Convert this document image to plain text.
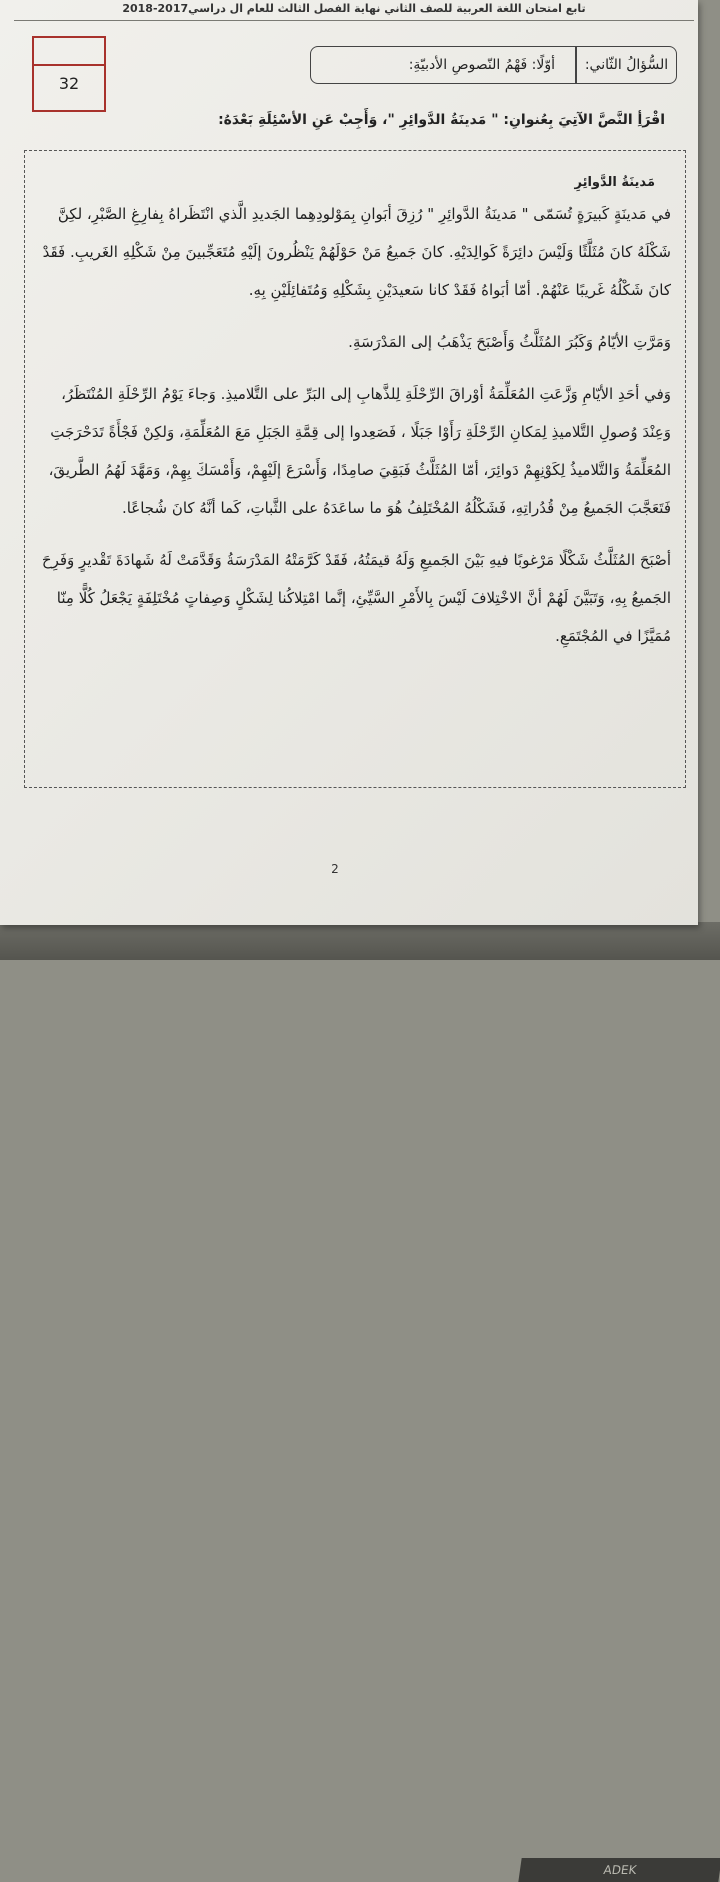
ADEK
تابع امتحان اللغة العربية للصف الثاني نهاية الفصل الثالث للعام ال دراسي2017-2018
32
السُّؤالُ الثّاني:
أوّلًا: فَهْمُ النّصوصِ الأدبيّةِ:
اقْرَأِ النَّصَّ الآتِيَ بِعُنوانِ: " مَدينَةُ الدَّوائِرِ "، وَأَجِبْ عَنِ الأسْئِلَةِ بَعْدَهُ:
مَدينَةُ الدَّوائِرِ

في مَدينَةٍ كَبيرَةٍ تُسَمّى " مَدينَةُ الدَّوائِرِ " رُزِقَ أبَوانِ بِمَوْلودِهِما الجَديدِ الَّذي انْتَظَراهُ بِفارِغِ الصَّبْرِ، لكِنَّ شَكْلَهُ كانَ مُثَلَّثًا وَلَيْسَ دائِرَةً كَوالِدَيْهِ. كانَ جَميعُ مَنْ حَوْلَهُمْ يَنْظُرونَ إلَيْهِ مُتَعَجِّبينَ مِنْ شَكْلِهِ الغَريبِ. فَقَدْ كانَ شَكْلُهُ غَريبًا عَنْهُمْ. أمّا أبَواهُ فَقَدْ كانا سَعيدَيْنِ بِشَكْلِهِ وَمُتَفائِلَيْنِ بِهِ.

وَمَرَّتِ الأيّامُ وَكَبُرَ المُثَلَّثُ وَأَصْبَحَ يَذْهَبُ إلى المَدْرَسَةِ.

وَفي أحَدِ الأيّامِ وَزَّعَتِ المُعَلِّمَةُ أوْراقَ الرِّحْلَةِ لِلذَّهابِ إلى البَرِّ على التَّلاميذِ. وَجاءَ يَوْمُ الرِّحْلَةِ المُنْتَظَرُ، وَعِنْدَ وُصولِ التَّلاميذِ لِمَكانِ الرِّحْلَةِ رَأَوْا جَبَلًا ، فَصَعِدوا إلى قِمَّةِ الجَبَلِ مَعَ المُعَلِّمَةِ، وَلكِنْ فَجْأَةً تَدَحْرَجَتِ المُعَلِّمَةُ وَالتَّلاميذُ لِكَوْنِهِمْ دَوائِرَ، أمّا المُثَلَّثُ فَبَقِيَ صامِدًا، وَأَسْرَعَ إلَيْهِمْ، وَأَمْسَكَ بِهِمْ، وَمَهَّدَ لَهُمُ الطَّريقَ، فَتَعَجَّبَ الجَميعُ مِنْ قُدُراتِهِ، فَشَكْلُهُ المُخْتَلِفُ هُوَ ما ساعَدَهُ على الثَّباتِ، كَما أنَّهُ كانَ شُجاعًا.

أصْبَحَ المُثَلَّثُ شَكْلًا مَرْغوبًا فيهِ بَيْنَ الجَميعِ وَلَهُ قيمَتُهُ، فَقَدْ كَرَّمَتْهُ المَدْرَسَةُ وَقَدَّمَتْ لَهُ شَهادَةَ تَقْديرٍ وَفَرِحَ الجَميعُ بِهِ، وَتَبَيَّنَ لَهُمْ أنَّ الاخْتِلافَ لَيْسَ بِالأَمْرِ السَّيِّئِ، إنَّما امْتِلاكُنا لِشَكْلٍ وَصِفاتٍ مُخْتَلِفَةٍ يَجْعَلُ كُلًّا مِنّا مُمَيَّزًا في المُجْتَمَعِ.

2
